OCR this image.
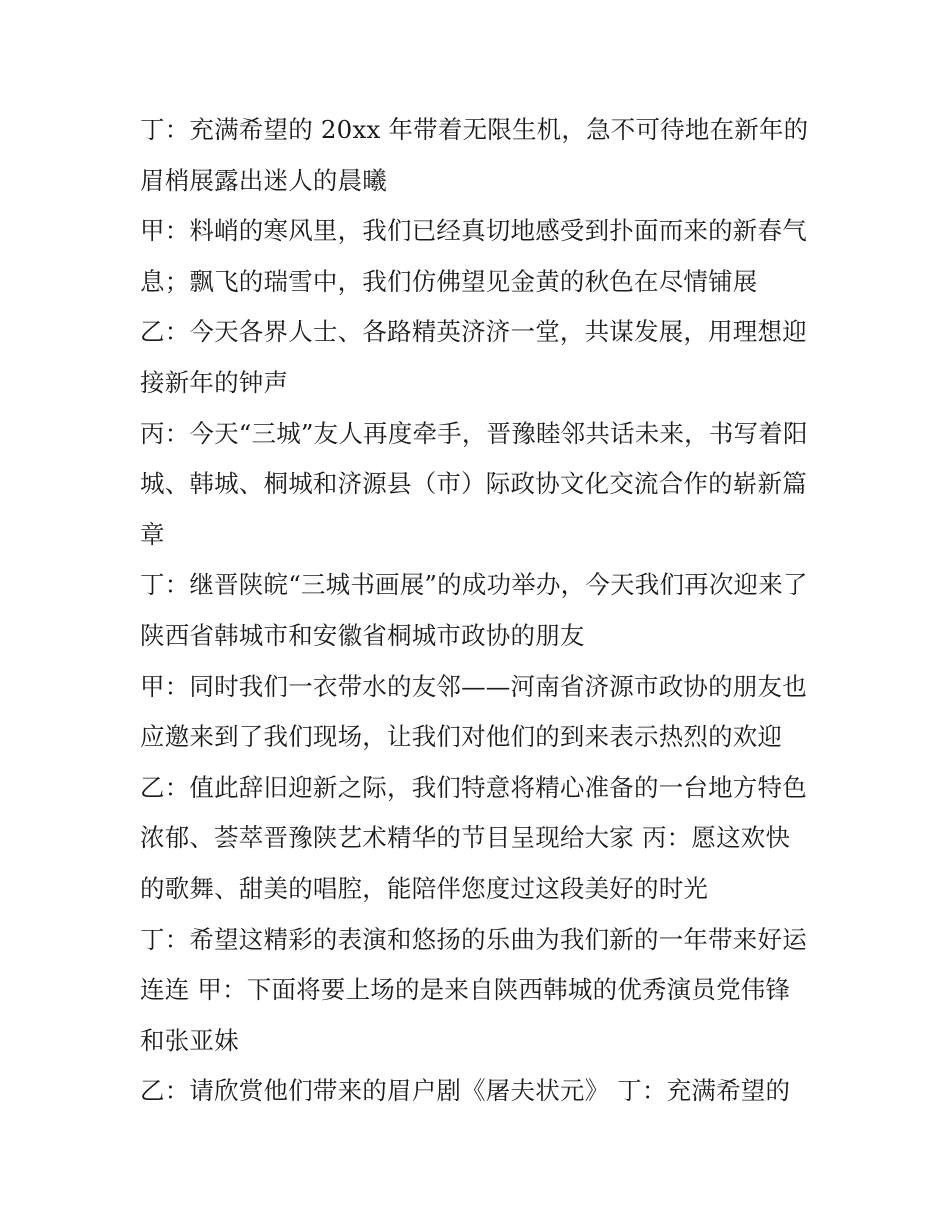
丁：充满希望的 20xx 年带着无限生机，急不可待地在新年的
眉梢展露出迷人的晨曦
甲：料峭的寒风里，我们已经真切地感受到扑面而来的新春气
息；飘飞的瑞雪中，我们仿佛望见金黄的秋色在尽情铺展
乙：今天各界人士、各路精英济济一堂，共谋发展，用理想迎
接新年的钟声
丙：今天“三城”友人再度牵手，晋豫睦邻共话未来，书写着阳
城、韩城、桐城和济源县（市）际政协文化交流合作的崭新篇
章
丁：继晋陕皖“三城书画展”的成功举办，今天我们再次迎来了
陕西省韩城市和安徽省桐城市政协的朋友
甲：同时我们一衣带水的友邻——河南省济源市政协的朋友也
应邀来到了我们现场，让我们对他们的到来表示热烈的欢迎
乙：值此辞旧迎新之际，我们特意将精心准备的一台地方特色
浓郁、荟萃晋豫陕艺术精华的节目呈现给大家 丙：愿这欢快
的歌舞、甜美的唱腔，能陪伴您度过这段美好的时光
丁：希望这精彩的表演和悠扬的乐曲为我们新的一年带来好运
连连 甲：下面将要上场的是来自陕西韩城的优秀演员党伟锋
和张亚妹
乙：请欣赏他们带来的眉户剧《屠夫状元》 丁：充满希望的
